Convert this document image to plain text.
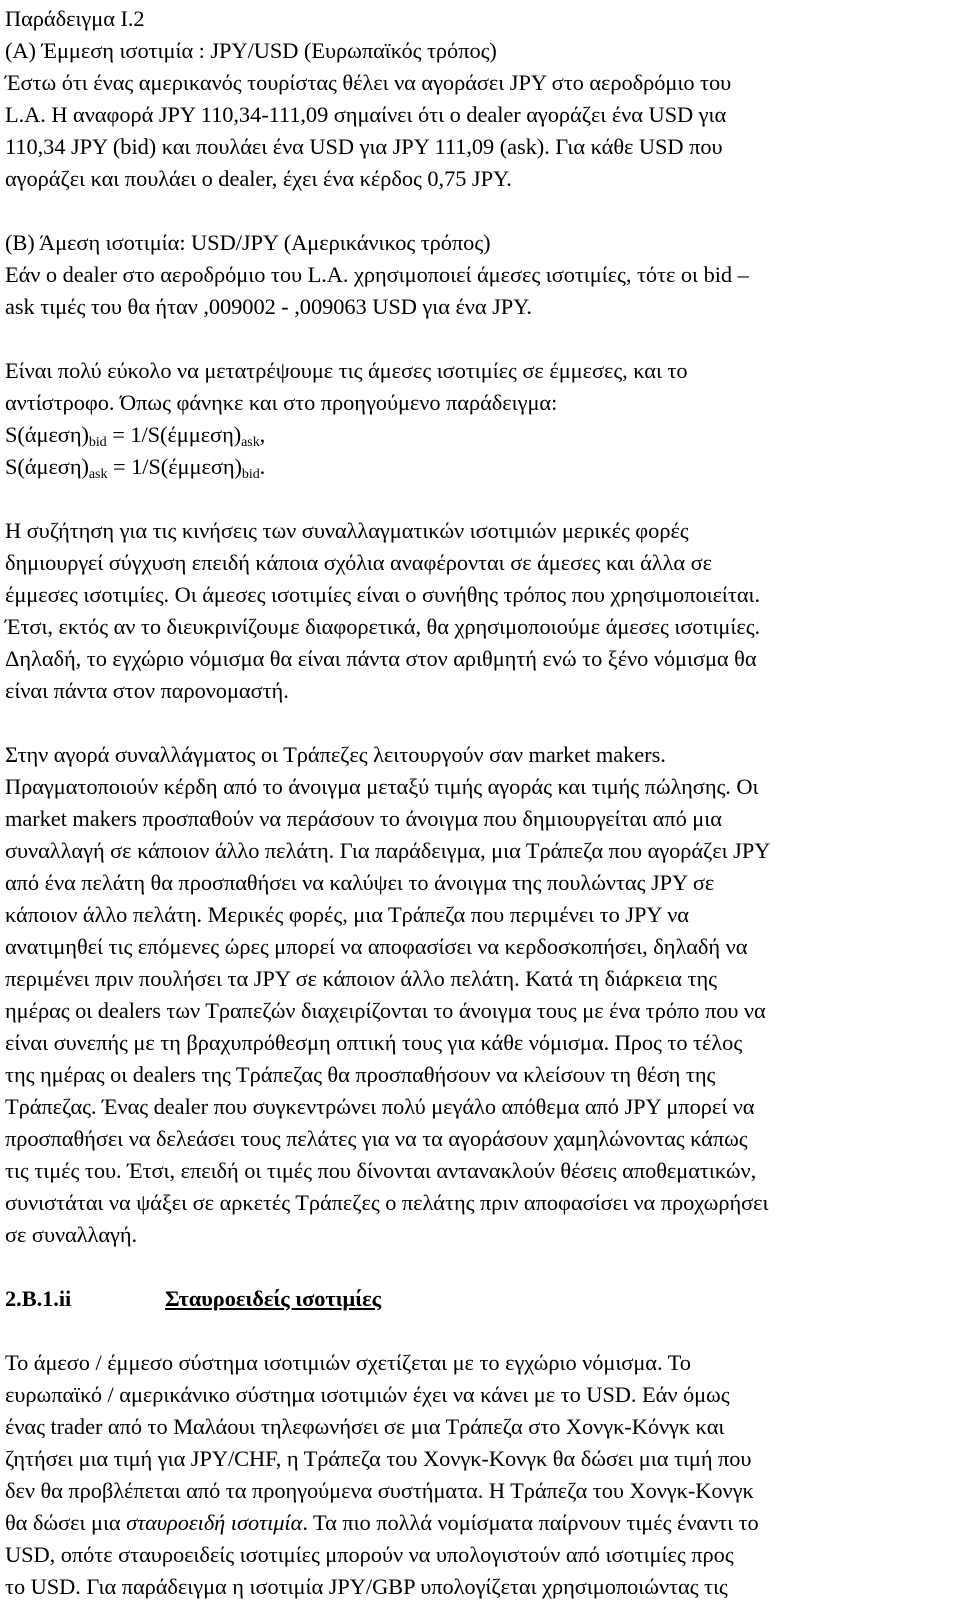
Παράδειγμα Ι.2
(Α) Έμμεση ισοτιμία : JPY/USD (Ευρωπαϊκός τρόπος)
Έστω ότι ένας αμερικανός τουρίστας θέλει να αγοράσει JPY στο αεροδρόμιο του
L.A. Η αναφορά JPY 110,34-111,09 σημαίνει ότι ο dealer αγοράζει ένα USD για
110,34 JPY (bid) και πουλάει ένα USD για JPY 111,09 (ask). Για κάθε USD που
αγοράζει και πουλάει ο dealer, έχει ένα κέρδος 0,75 JPY.
(Β) Άμεση ισοτιμία: USD/JPY (Αμερικάνικος τρόπος)
Εάν ο dealer στο αεροδρόμιο του L.A. χρησιμοποιεί άμεσες ισοτιμίες, τότε οι bid –
ask τιμές του θα ήταν ,009002 - ,009063 USD για ένα JPY.
Είναι πολύ εύκολο να μετατρέψουμε τις άμεσες ισοτιμίες σε έμμεσες, και το
αντίστροφο. Όπως φάνηκε και στο προηγούμενο παράδειγμα:
$S(ά\mu\varepsilon\sigma\eta)_{bid} = 1/S(έ\mu\mu\varepsilon\sigma\eta)_{ask}$,
$S(ά\mu\varepsilon\sigma\eta)_{ask} = 1/S(έ\mu\mu\varepsilon\sigma\eta)_{bid}$.
Η συζήτηση για τις κινήσεις των συναλλαγματικών ισοτιμιών μερικές φορές
δημιουργεί σύγχυση επειδή κάποια σχόλια αναφέρονται σε άμεσες και άλλα σε
έμμεσες ισοτιμίες. Οι άμεσες ισοτιμίες είναι ο συνήθης τρόπος που χρησιμοποιείται.
Έτσι, εκτός αν το διευκρινίζουμε διαφορετικά, θα χρησιμοποιούμε άμεσες ισοτιμίες.
Δηλαδή, το εγχώριο νόμισμα θα είναι πάντα στον αριθμητή ενώ το ξένο νόμισμα θα
είναι πάντα στον παρονομαστή.
Στην αγορά συναλλάγματος οι Τράπεζες λειτουργούν σαν market makers.
Πραγματοποιούν κέρδη από το άνοιγμα μεταξύ τιμής αγοράς και τιμής πώλησης. Οι
market makers προσπαθούν να περάσουν το άνοιγμα που δημιουργείται από μια
συναλλαγή σε κάποιον άλλο πελάτη. Για παράδειγμα, μια Τράπεζα που αγοράζει JPY
από ένα πελάτη θα προσπαθήσει να καλύψει το άνοιγμα της πουλώντας JPY σε
κάποιον άλλο πελάτη. Μερικές φορές, μια Τράπεζα που περιμένει το JPY να
ανατιμηθεί τις επόμενες ώρες μπορεί να αποφασίσει να κερδοσκοπήσει, δηλαδή να
περιμένει πριν πουλήσει τα JPY σε κάποιον άλλο πελάτη. Κατά τη διάρκεια της
ημέρας οι dealers των Τραπεζών διαχειρίζονται το άνοιγμα τους με ένα τρόπο που να
είναι συνεπής με τη βραχυπρόθεσμη οπτική τους για κάθε νόμισμα. Προς το τέλος
της ημέρας οι dealers της Τράπεζας θα προσπαθήσουν να κλείσουν τη θέση της
Τράπεζας. Ένας dealer που συγκεντρώνει πολύ μεγάλο απόθεμα από JPY μπορεί να
προσπαθήσει να δελεάσει τους πελάτες για να τα αγοράσουν χαμηλώνοντας κάπως
τις τιμές του. Έτσι, επειδή οι τιμές που δίνονται αντανακλούν θέσεις αποθεματικών,
συνιστάται να ψάξει σε αρκετές Τράπεζες ο πελάτης πριν αποφασίσει να προχωρήσει
σε συναλλαγή.
2.B.1.ii	Σταυροειδείς ισοτιμίες
Το άμεσο / έμμεσο σύστημα ισοτιμιών σχετίζεται με το εγχώριο νόμισμα. Το
ευρωπαϊκό / αμερικάνικο σύστημα ισοτιμιών έχει να κάνει με το USD. Εάν όμως
ένας trader από το Μαλάουι τηλεφωνήσει σε μια Τράπεζα στο Χονγκ-Κόνγκ και
ζητήσει μια τιμή για JPY/CHF, η Τράπεζα του Χονγκ-Κονγκ θα δώσει μια τιμή που
δεν θα προβλέπεται από τα προηγούμενα συστήματα. Η Τράπεζα του Χονγκ-Κονγκ
θα δώσει μια σταυροειδή ισοτιμία. Τα πιο πολλά νομίσματα παίρνουν τιμές έναντι το
USD, οπότε σταυροειδείς ισοτιμίες μπορούν να υπολογιστούν από ισοτιμίες προς
το USD. Για παράδειγμα η ισοτιμία JPY/GBP υπολογίζεται χρησιμοποιώντας τις
